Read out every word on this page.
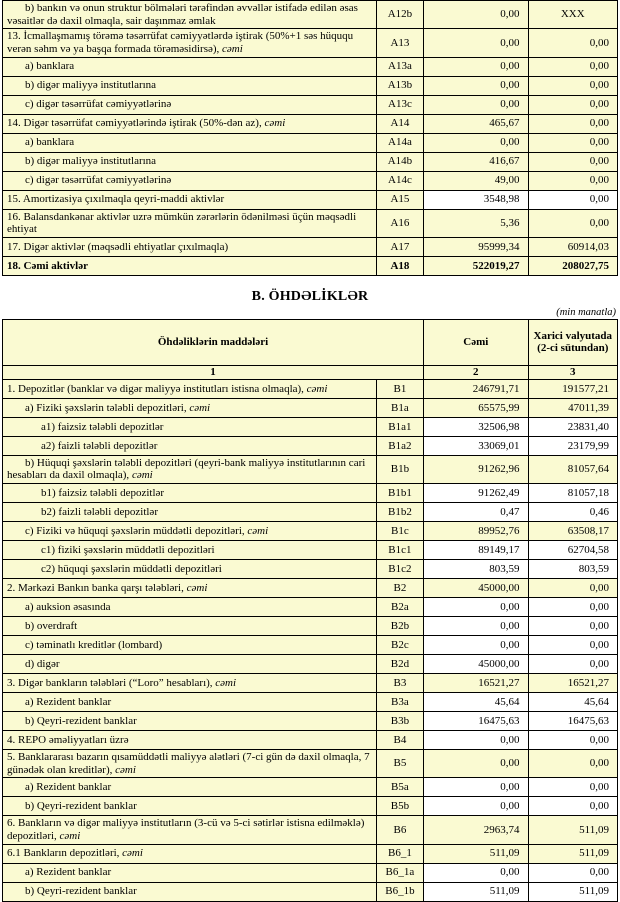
b) bankın və onun struktur bölmələri tərəfindən əvvəllər istifadə edilən əsas vəsaitlər də daxil olmaqla, sair daşınmaz əmlak	A12b	0,00	XXX
13. İcmallaşmamış törəmə təsərrüfat cəmiyyətlərdə iştirak (50%+1 səs hüququ verən səhm və ya başqa formada törəməsidirsə), cəmi	A13	0,00	0,00
a) banklara	A13a	0,00	0,00
b) digər maliyyə institutlarına	A13b	0,00	0,00
c) digər təsərrüfat cəmiyyətlərinə	A13c	0,00	0,00
14. Digər təsərrüfat cəmiyyətlərində iştirak (50%-dən az), cəmi	A14	465,67	0,00
a) banklara	A14a	0,00	0,00
b) digər maliyyə institutlarına	A14b	416,67	0,00
c) digər təsərrüfat cəmiyyətlərinə	A14c	49,00	0,00
15. Amortizasiya çıxılmaqla qeyri-maddi aktivlər	A15	3548,98	0,00
16. Balansdankənar aktivlər uzrə mümkün zərərlərin ödənilməsi üçün məqsədli ehtiyat	A16	5,36	0,00
17. Digər aktivlər (məqsədli ehtiyatlar çıxılmaqla)	A17	95999,34	60914,03
18. Cəmi aktivlər	A18	522019,27	208027,75
B. ÖHDƏLİKLƏR
(min manatla)
Öhdəliklərin maddələri		Cəmi	Xarici valyutada (2-ci sütundan)
1		2	3
1. Depozitlər (banklar və digər maliyyə institutları istisna olmaqla), cəmi	B1	246791,71	191577,21
a) Fiziki şəxslərin tələbli depozitləri, cəmi	B1a	65575,99	47011,39
a1) faizsiz tələbli depozitlər	B1a1	32506,98	23831,40
a2) faizli tələbli depozitlər	B1a2	33069,01	23179,99
b) Hüquqi şəxslərin tələbli depozitləri (qeyri-bank maliyyə institutlarının cari hesabları da daxil olmaqla), cəmi	B1b	91262,96	81057,64
b1) faizsiz tələbli depozitlər	B1b1	91262,49	81057,18
b2) faizli tələbli depozitlər	B1b2	0,47	0,46
c) Fiziki və hüquqi şəxslərin müddətli depozitləri, cəmi	B1c	89952,76	63508,17
c1) fiziki şəxslərin müddətli depozitləri	B1c1	89149,17	62704,58
c2) hüquqi şəxslərin müddətli depozitləri	B1c2	803,59	803,59
2. Mərkəzi Bankın banka qarşı tələbləri, cəmi	B2	45000,00	0,00
a) auksion əsasında	B2a	0,00	0,00
b) overdraft	B2b	0,00	0,00
c) təminatlı kreditlər (lombard)	B2c	0,00	0,00
d) digər	B2d	45000,00	0,00
3. Digər bankların tələbləri (“Loro” hesabları), cəmi	B3	16521,27	16521,27
a) Rezident banklar	B3a	45,64	45,64
b) Qeyri-rezident banklar	B3b	16475,63	16475,63
4. REPO əməliyyatları üzrə	B4	0,00	0,00
5. Banklararası bazarın qısamüddətli maliyyə alətləri (7-ci gün də daxil olmaqla, 7 günədək olan kreditlər), cəmi	B5	0,00	0,00
a) Rezident banklar	B5a	0,00	0,00
b) Qeyri-rezident banklar	B5b	0,00	0,00
6. Bankların və digər maliyyə institutların (3-cü və 5-ci sətirlər istisna edilməklə) depozitləri, cəmi	B6	2963,74	511,09
6.1 Bankların depozitləri, cəmi	B6_1	511,09	511,09
a) Rezident banklar	B6_1a	0,00	0,00
b) Qeyri-rezident banklar	B6_1b	511,09	511,09
